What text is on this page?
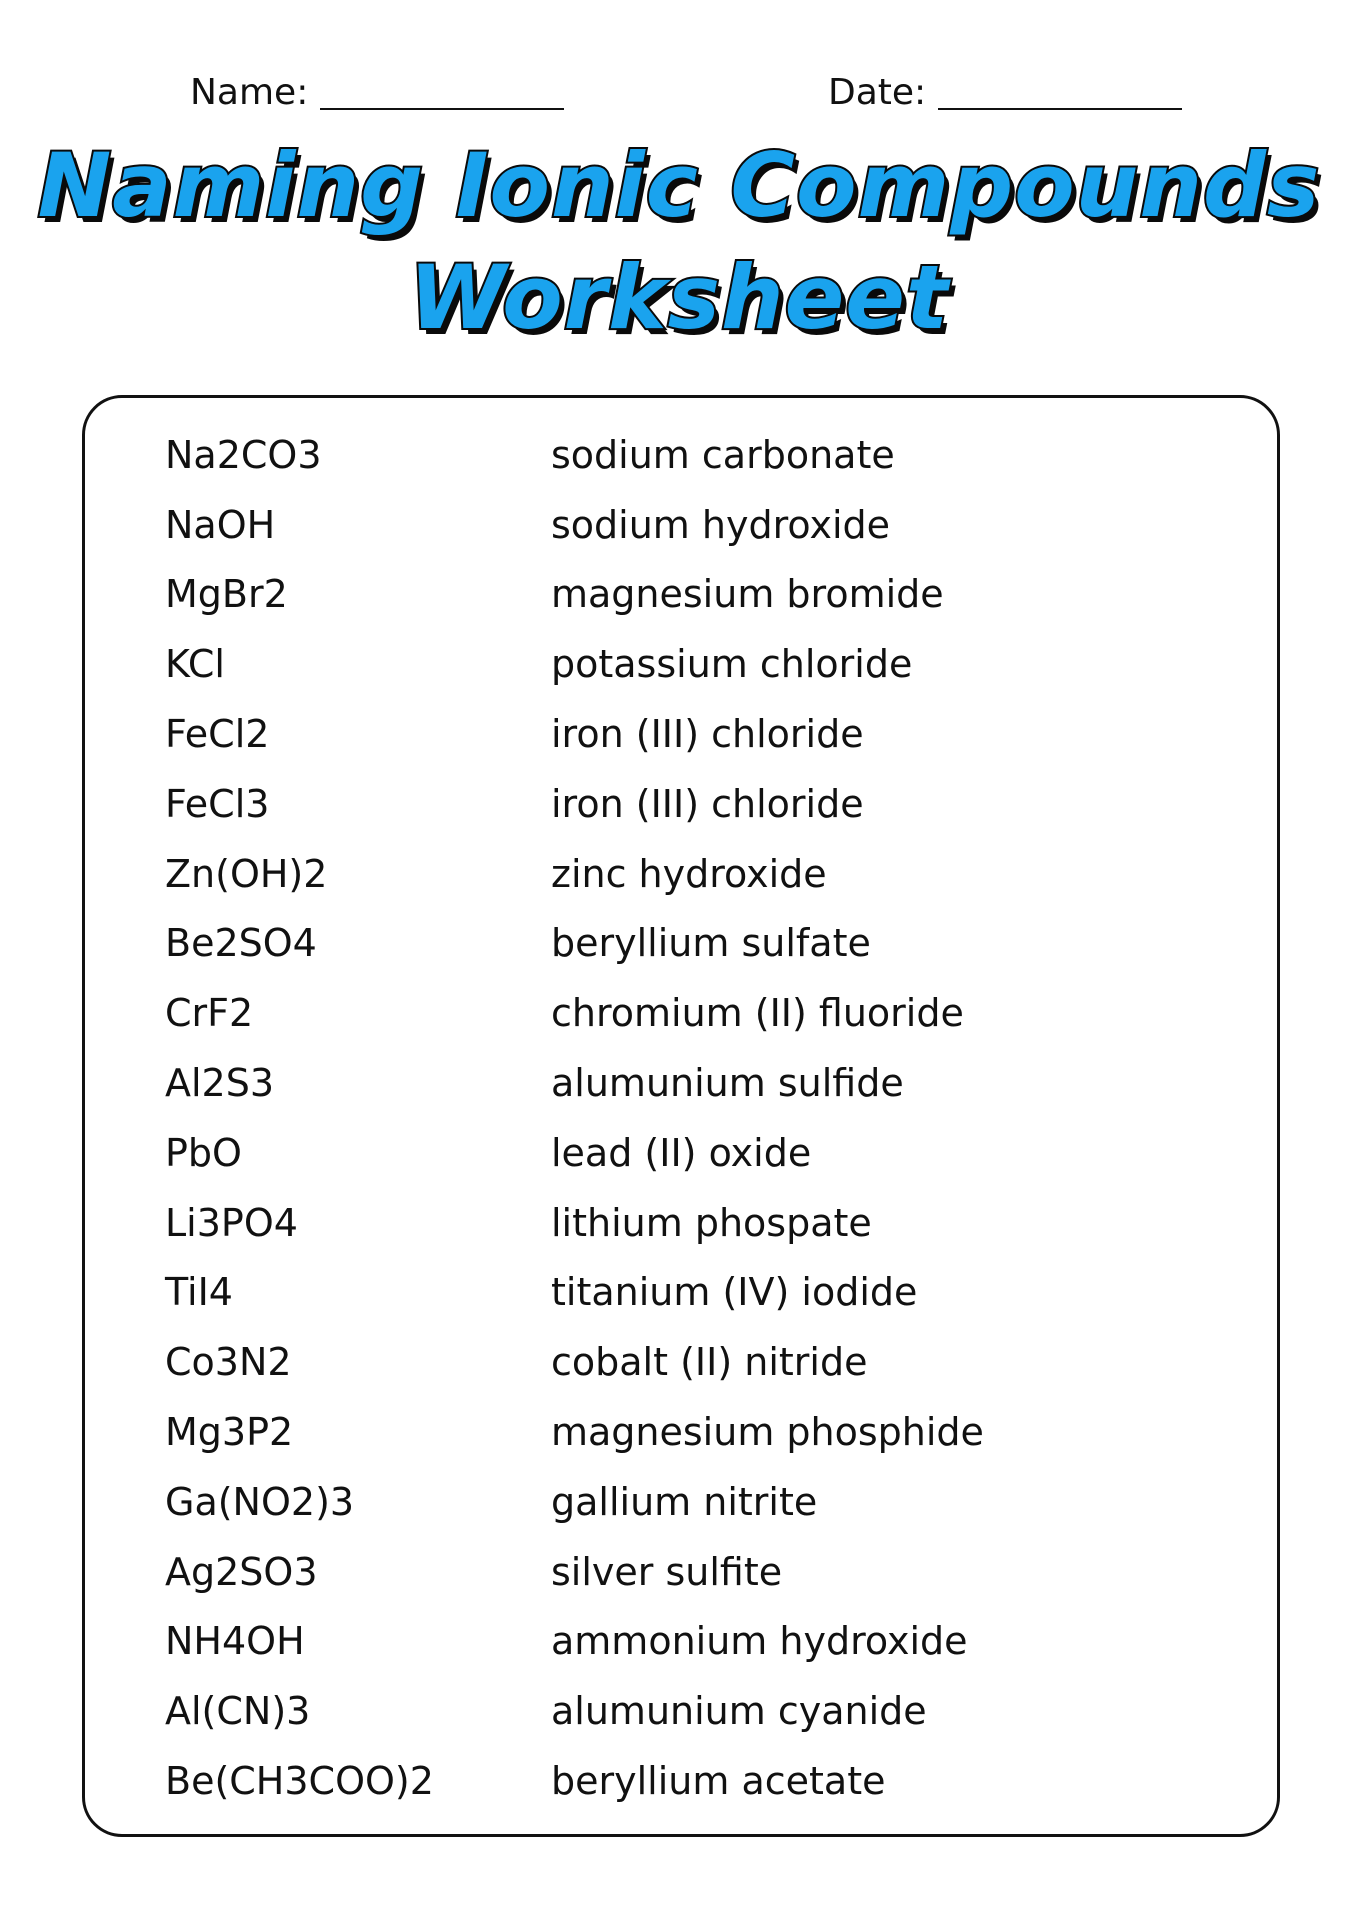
Name:	Date:
Naming Ionic Compounds
Worksheet
Na2CO3	sodium carbonate
NaOH	sodium hydroxide
MgBr2	magnesium bromide
KCl	potassium chloride
FeCl2	iron (III) chloride
FeCl3	iron (III) chloride
Zn(OH)2	zinc hydroxide
Be2SO4	beryllium sulfate
CrF2	chromium (II) fluoride
Al2S3	alumunium sulfide
PbO	lead (II) oxide
Li3PO4	lithium phospate
TiI4	titanium (IV) iodide
Co3N2	cobalt (II) nitride
Mg3P2	magnesium phosphide
Ga(NO2)3	gallium nitrite
Ag2SO3	silver sulfite
NH4OH	ammonium hydroxide
Al(CN)3	alumunium cyanide
Be(CH3COO)2	beryllium acetate
